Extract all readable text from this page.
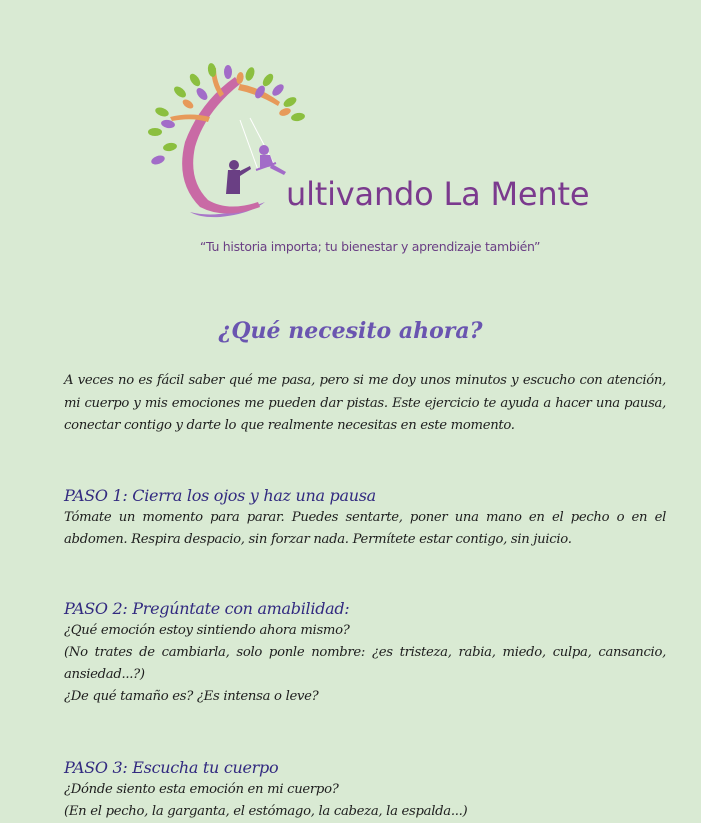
ultivando La Mente
“Tu historia importa; tu bienestar y aprendizaje también”
¿Qué necesito ahora?

A veces no es fácil saber qué me pasa, pero si me doy unos minutos y escucho con atención, mi cuerpo y mis emociones me pueden dar pistas. Este ejercicio te ayuda a hacer una pausa, conectar contigo y darte lo que realmente necesitas en este momento.

PASO 1: Cierra los ojos y haz una pausa

Tómate un momento para parar. Puedes sentarte, poner una mano en el pecho o en el abdomen. Respira despacio, sin forzar nada. Permítete estar contigo, sin juicio.

PASO 2: Pregúntate con amabilidad:

¿Qué emoción estoy sintiendo ahora mismo?

(No trates de cambiarla, solo ponle nombre: ¿es tristeza, rabia, miedo, culpa, cansancio, ansiedad...?)

¿De qué tamaño es? ¿Es intensa o leve?

PASO 3: Escucha tu cuerpo

¿Dónde siento esta emoción en mi cuerpo?

(En el pecho, la garganta, el estómago, la cabeza, la espalda...)
